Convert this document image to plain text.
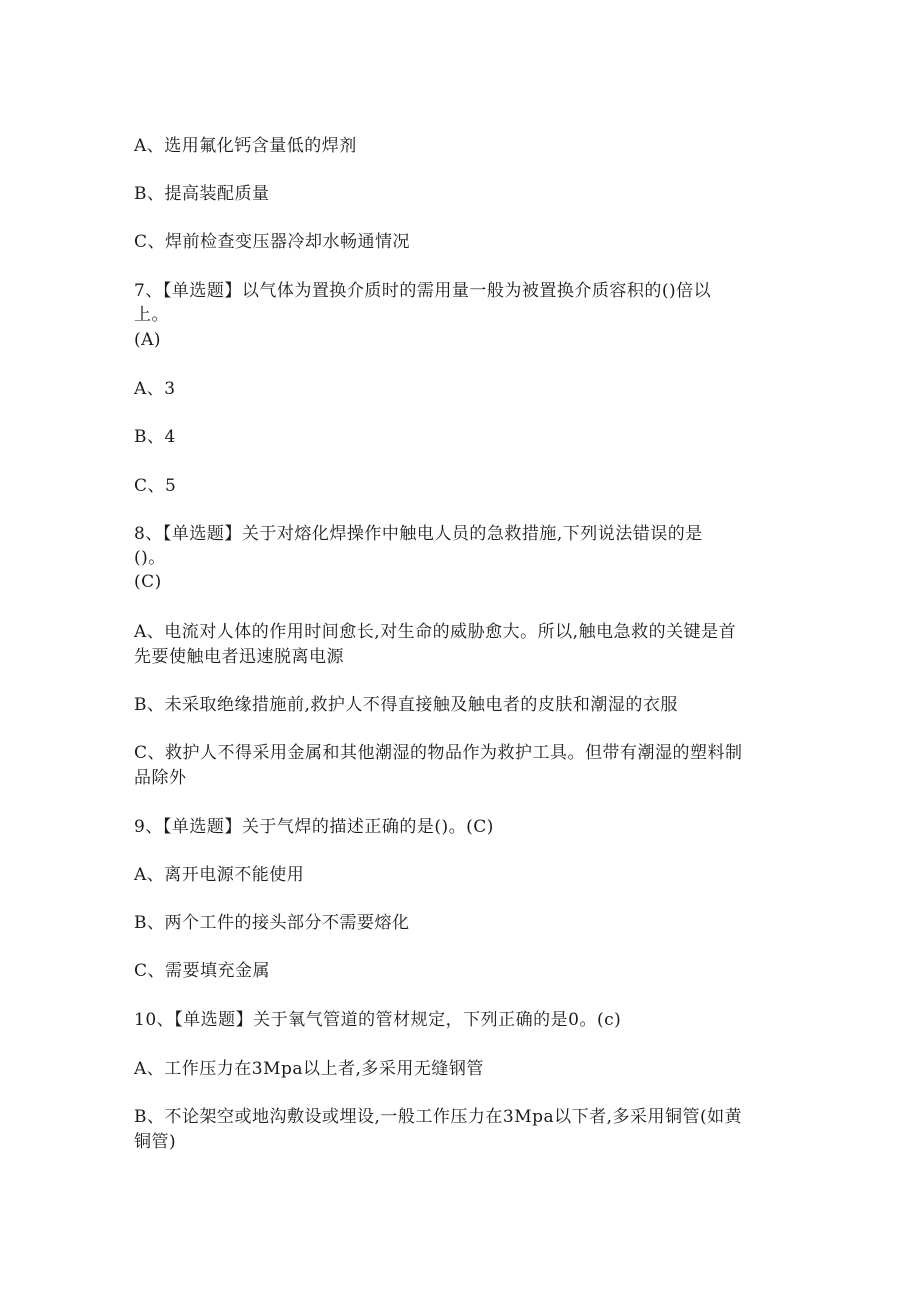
A、选用氟化钙含量低的焊剂
B、提高装配质量
C、焊前检查变压器冷却水畅通情况
7、【单选题】以气体为置换介质时的需用量一般为被置换介质容积的()倍以
上。
(A)
A、3
B、4
C、5
8、【单选题】关于对熔化焊操作中触电人员的急救措施,下列说法错误的是
()。
(C)
A、电流对人体的作用时间愈长,对生命的威胁愈大。所以,触电急救的关键是首
先要使触电者迅速脱离电源
B、未采取绝缘措施前,救护人不得直接触及触电者的皮肤和潮湿的衣服
C、救护人不得采用金属和其他潮湿的物品作为救护工具。但带有潮湿的塑料制
品除外
9、【单选题】关于气焊的描述正确的是()。(C)
A、离开电源不能使用
B、两个工件的接头部分不需要熔化
C、需要填充金属
10、【单选题】关于氧气管道的管材规定，下列正确的是0。(c)
A、工作压力在3Mpa以上者,多采用无缝钢管
B、不论架空或地沟敷设或埋设,一般工作压力在3Mpa以下者,多采用铜管(如黄
铜管)
